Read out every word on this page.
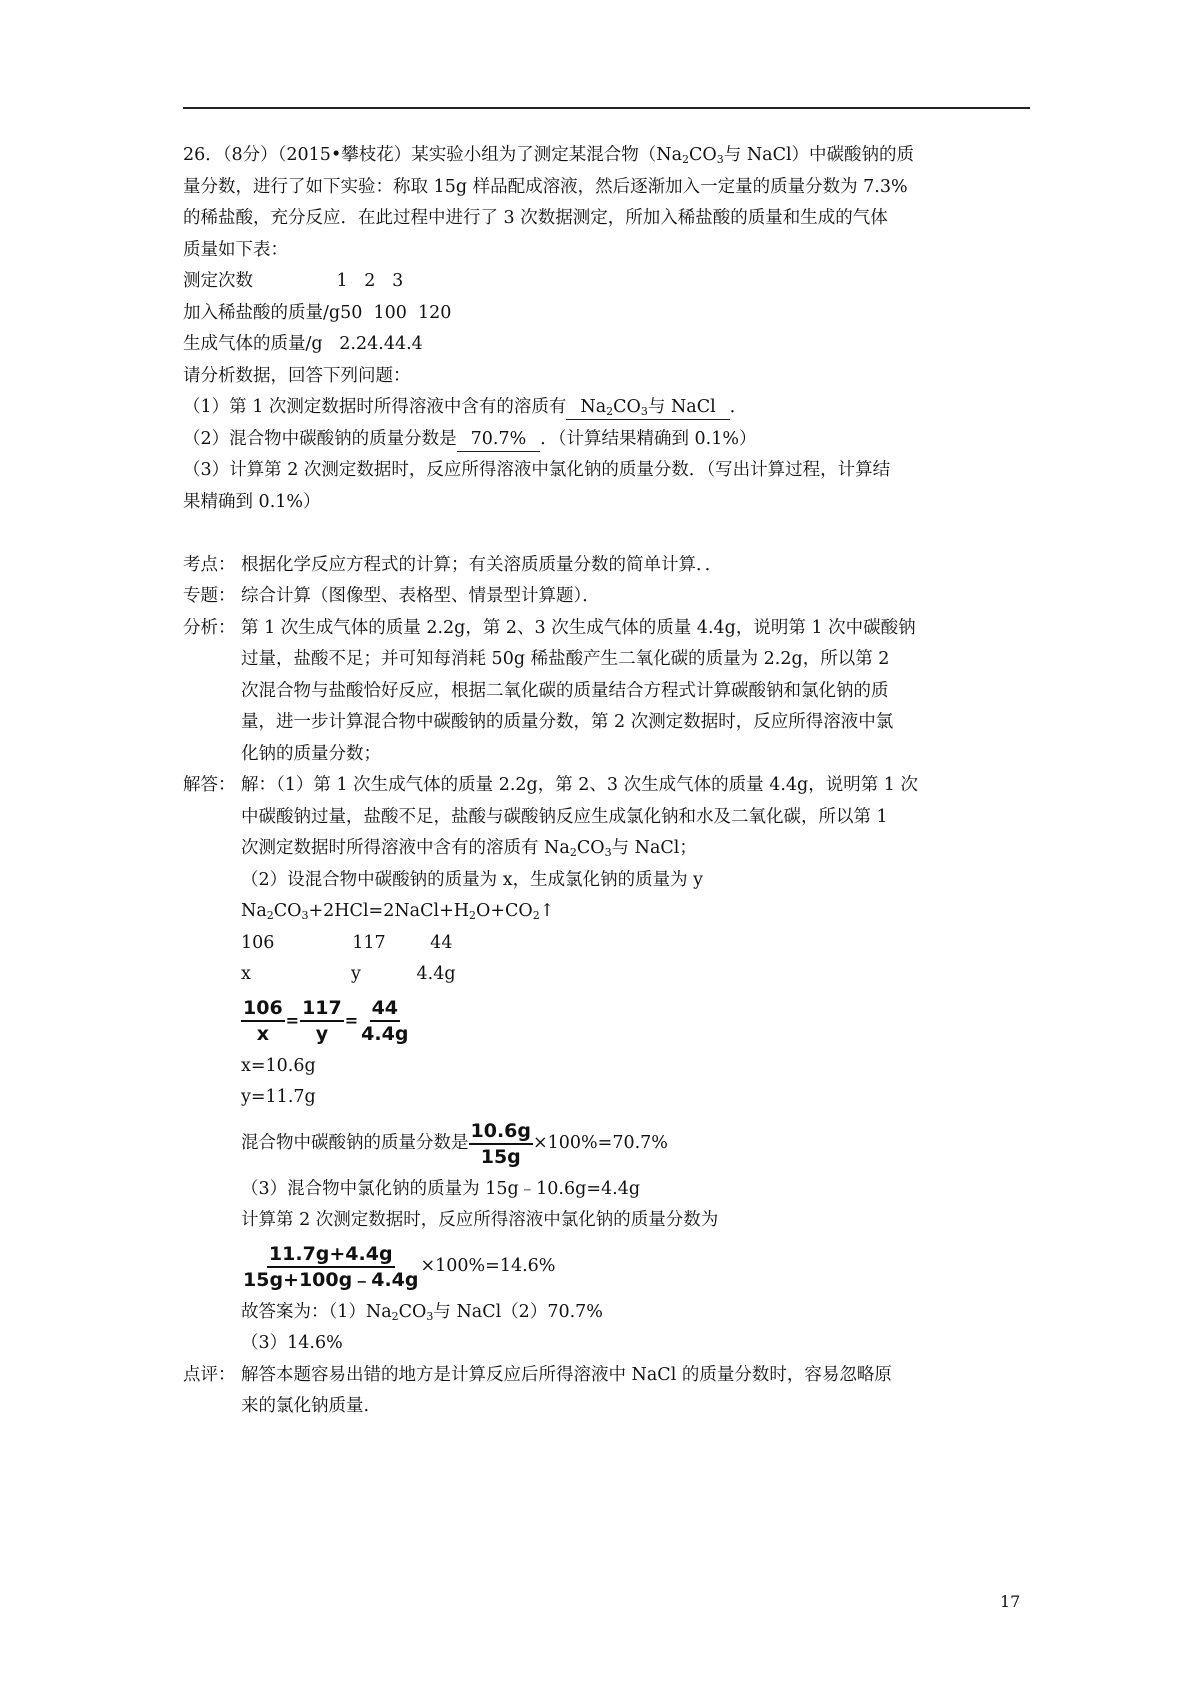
26．（8分）（2015•攀枝花）某实验小组为了测定某混合物（$Na_2CO_3$与 NaCl）中碳酸钠的质

量分数，进行了如下实验：称取 15g 样品配成溶液，然后逐渐加入一定量的质量分数为 7.3%

的稀盐酸，充分反应．在此过程中进行了 3 次数据测定，所加入稀盐酸的质量和生成的气体

质量如下表：

测定次数               1   2   3

加入稀盐酸的质量/g50  100  120

生成气体的质量/g   2.24.44.4

请分析数据，回答下列问题：

（1）第 1 次测定数据时所得溶液中含有的溶质有 $Na_2CO_3$与 NaCl ．

（2）混合物中碳酸钠的质量分数是 70.7% ．（计算结果精确到 0.1%）

（3）计算第 2 次测定数据时，反应所得溶液中氯化钠的质量分数．（写出计算过程，计算结

果精确到 0.1%）

考点： 根据化学反应方程式的计算；有关溶质质量分数的简单计算．．
专题： 综合计算（图像型、表格型、情景型计算题）．
分析： 第 1 次生成气体的质量 2.2g，第 2、3 次生成气体的质量 4.4g，说明第 1 次中碳酸钠

过量，盐酸不足；并可知每消耗 50g 稀盐酸产生二氧化碳的质量为 2.2g，所以第 2

次混合物与盐酸恰好反应，根据二氧化碳的质量结合方程式计算碳酸钠和氯化钠的质

量，进一步计算混合物中碳酸钠的质量分数，第 2 次测定数据时，反应所得溶液中氯

化钠的质量分数；

解答： 解：（1）第 1 次生成气体的质量 2.2g，第 2、3 次生成气体的质量 4.4g，说明第 1 次

中碳酸钠过量，盐酸不足，盐酸与碳酸钠反应生成氯化钠和水及二氧化碳，所以第 1

次测定数据时所得溶液中含有的溶质有 $Na_2CO_3$与 NaCl；

（2）设混合物中碳酸钠的质量为 x，生成氯化钠的质量为 y

$Na_2CO_3+2HCl=2NaCl+H_2O+CO_2↑$

106              117        44

x                  y          4.4g

$\frac{106}{x} = \frac{117}{y} = \frac{44}{4.4g}$

x=10.6g

y=11.7g

混合物中碳酸钠的质量分数是 $\frac{10.6g}{15g} \times 100\%=70.7\%$

（3）混合物中氯化钠的质量为 15g﹣10.6g=4.4g

计算第 2 次测定数据时，反应所得溶液中氯化钠的质量分数为

$\frac{11.7g+4.4g}{15g+100g﹣4.4g} \times 100\%=14.6\%$

故答案为：$(1)Na_2CO_3$与 NaCl（2）70.7%

（3）14.6%

点评： 解答本题容易出错的地方是计算反应后所得溶液中 NaCl 的质量分数时，容易忽略原

来的氯化钠质量.

17
